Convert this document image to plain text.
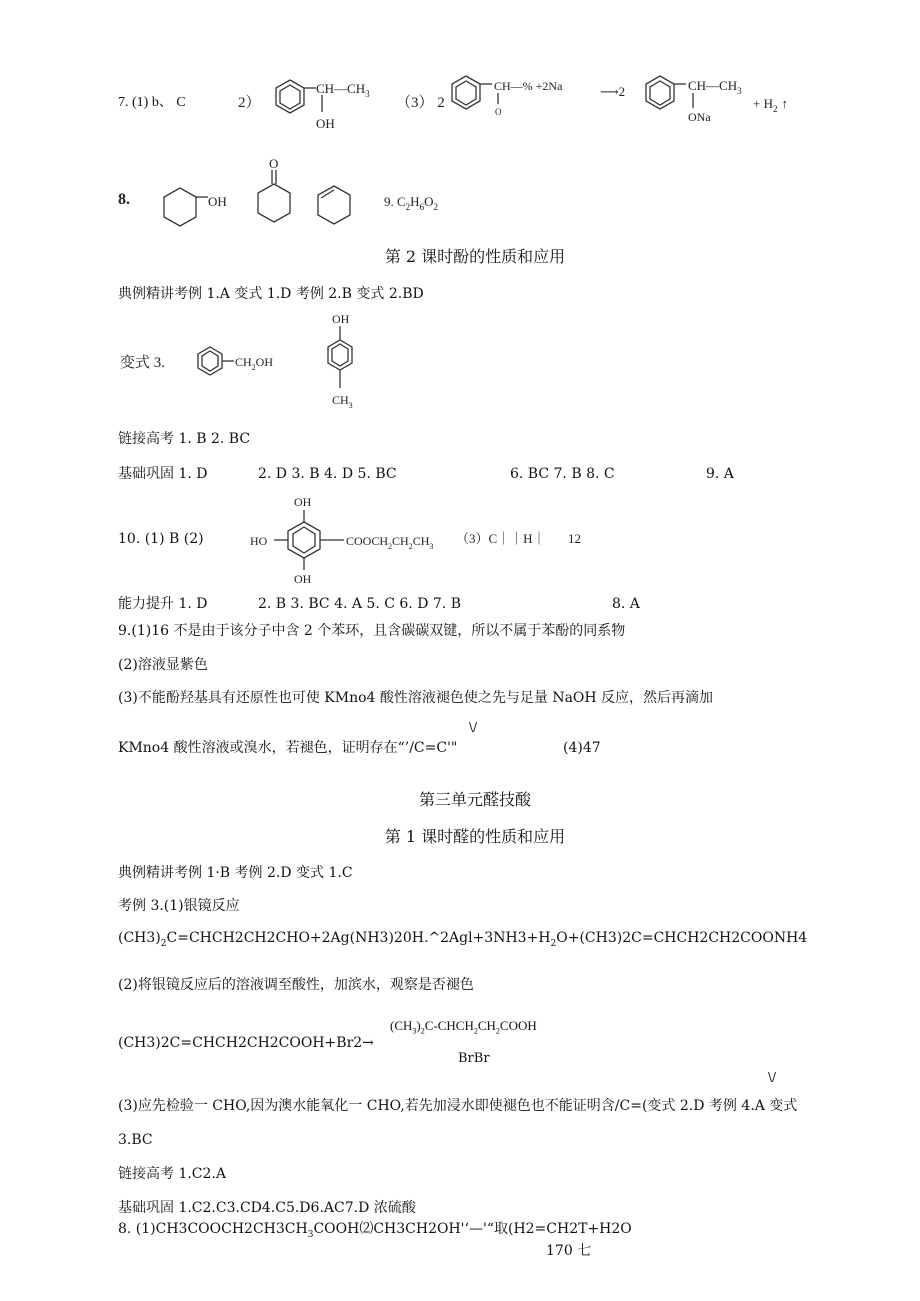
7. (1) b、 C	2）
$CH—CH_3$
OH
（3） 2
CH—% +2Na
O
⟶2	$CH—CH_3$
ONa
+ $H_2$ ↑
8.	OH
O
9. $C_2H_6O_2$
第 2 课时酚的性质和应用
典例精讲考例 1.A 变式 1.D 考例 2.B 变式 2.BD
变式 3.	$CH_2OH$
OH
$CH_3$
链接高考 1. B 2. BC
基础巩固 1. D	2. D 3. B 4. D 5. BC	6. BC 7. B 8. C	9. A
10. (1) B (2)
OH
HO
OH
$COOCH_2CH_2CH_3$
（3）C｜｜H｜ 12
能力提升 1. D	2. B 3. BC 4. A 5. C 6. D 7. B	8. A
9.(1)16 不是由于该分子中含 2 个苯环，且含碳碳双键，所以不属于苯酚的同系物
(2)溶液显紫色
(3)不能酚羟基具有还原性也可使 KMno4 酸性溶液褪色使之先与足量 NaOH 反应，然后再滴加
\/
KMno4 酸性溶液或溴水，若褪色，证明存在“’/C=C'"	(4)47
第三单元醛技酸
第 1 课时醛的性质和应用
典例精讲考例 1·B 考例 2.D 变式 1.C
考例 3.(1)银镜反应
$(CH3)_2C=CHCH2CH2CHO+2Ag(NH3)20H.\^{}2Agl+3NH3+H_2O+(CH3)2C=CHCH2CH2COONH4$
(2)将银镜反应后的溶液调至酸性，加滨水，观察是否褪色
$(CH_3)_2C-CHCH_2CH_2COOH$
(CH3)2C=CHCH2CH2COOH+Br2→
BrBr
\/
(3)应先检验一 CHO,因为澳水能氧化一 CHO,若先加浸水即使褪色也不能证明含/C=(变式 2.D 考例 4.A 变式
3.BC
链接高考 1.C2.A
基础巩固 1.C2.C3.CD4.C5.D6.AC7.D 浓硫酸
8. $(1)CH3COOCH2CH3CH_3COOH⑵CH3CH2OH'‘—'“$取(H2=CH2T+H2O
170 七
